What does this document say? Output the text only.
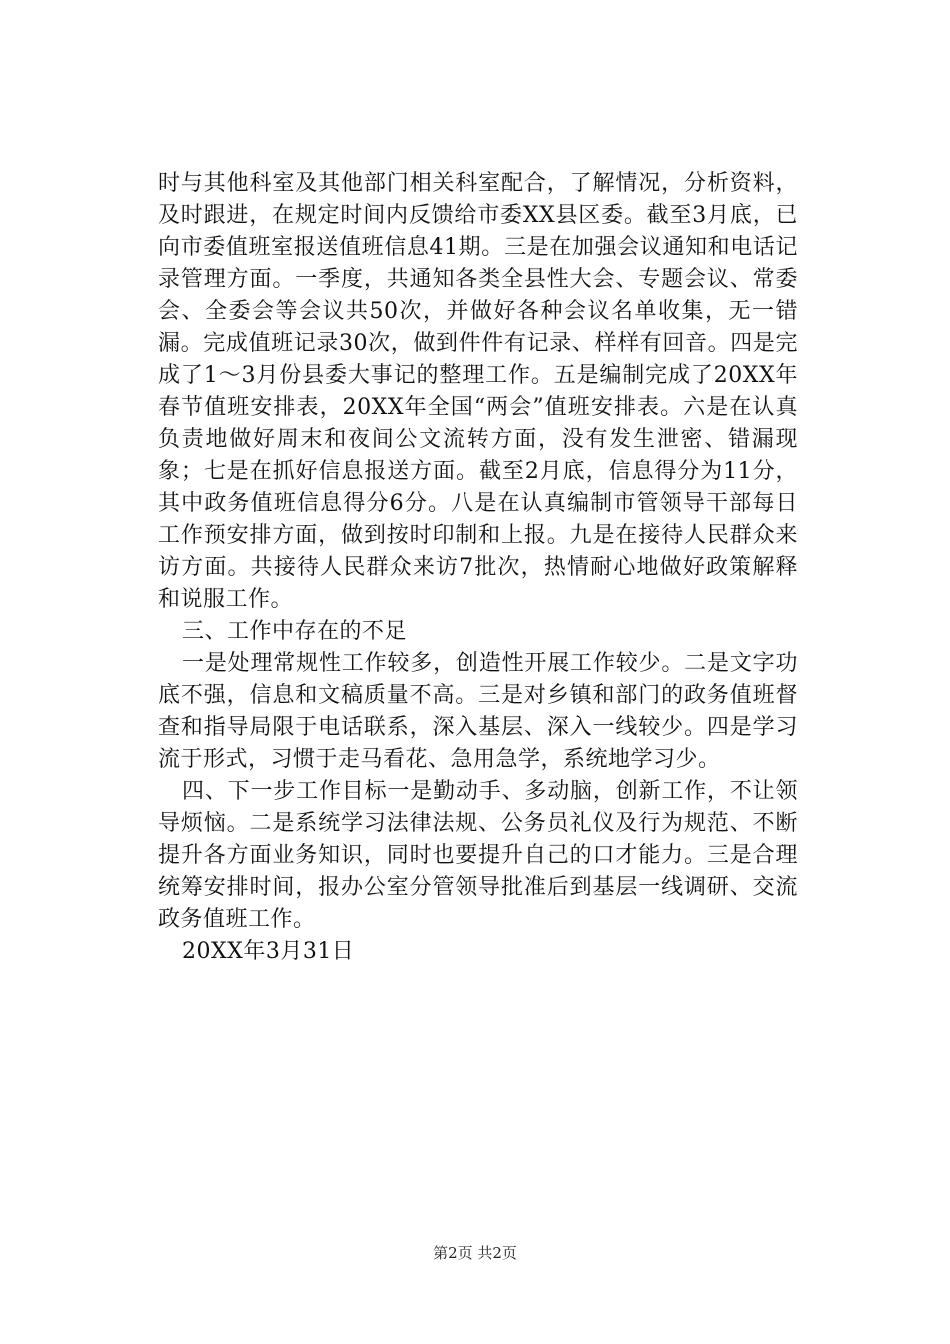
时与其他科室及其他部门相关科室配合，了解情况，分析资料，及时跟进，在规定时间内反馈给市委XX县区委。截至3月底，已向市委值班室报送值班信息41期。三是在加强会议通知和电话记录管理方面。一季度，共通知各类全县性大会、专题会议、常委会、全委会等会议共50次，并做好各种会议名单收集，无一错漏。完成值班记录30次，做到件件有记录、样样有回音。四是完成了1～3月份县委大事记的整理工作。五是编制完成了20XX年春节值班安排表，20XX年全国“两会”值班安排表。六是在认真负责地做好周末和夜间公文流转方面，没有发生泄密、错漏现象；七是在抓好信息报送方面。截至2月底，信息得分为11分，其中政务值班信息得分6分。八是在认真编制市管领导干部每日工作预安排方面，做到按时印制和上报。九是在接待人民群众来访方面。共接待人民群众来访7批次，热情耐心地做好政策解释和说服工作。

三、工作中存在的不足

一是处理常规性工作较多，创造性开展工作较少。二是文字功底不强，信息和文稿质量不高。三是对乡镇和部门的政务值班督查和指导局限于电话联系，深入基层、深入一线较少。四是学习流于形式，习惯于走马看花、急用急学，系统地学习少。

四、下一步工作目标一是勤动手、多动脑，创新工作，不让领导烦恼。二是系统学习法律法规、公务员礼仪及行为规范、不断提升各方面业务知识，同时也要提升自己的口才能力。三是合理统筹安排时间，报办公室分管领导批准后到基层一线调研、交流政务值班工作。

20XX年3月31日

第2页 共2页
